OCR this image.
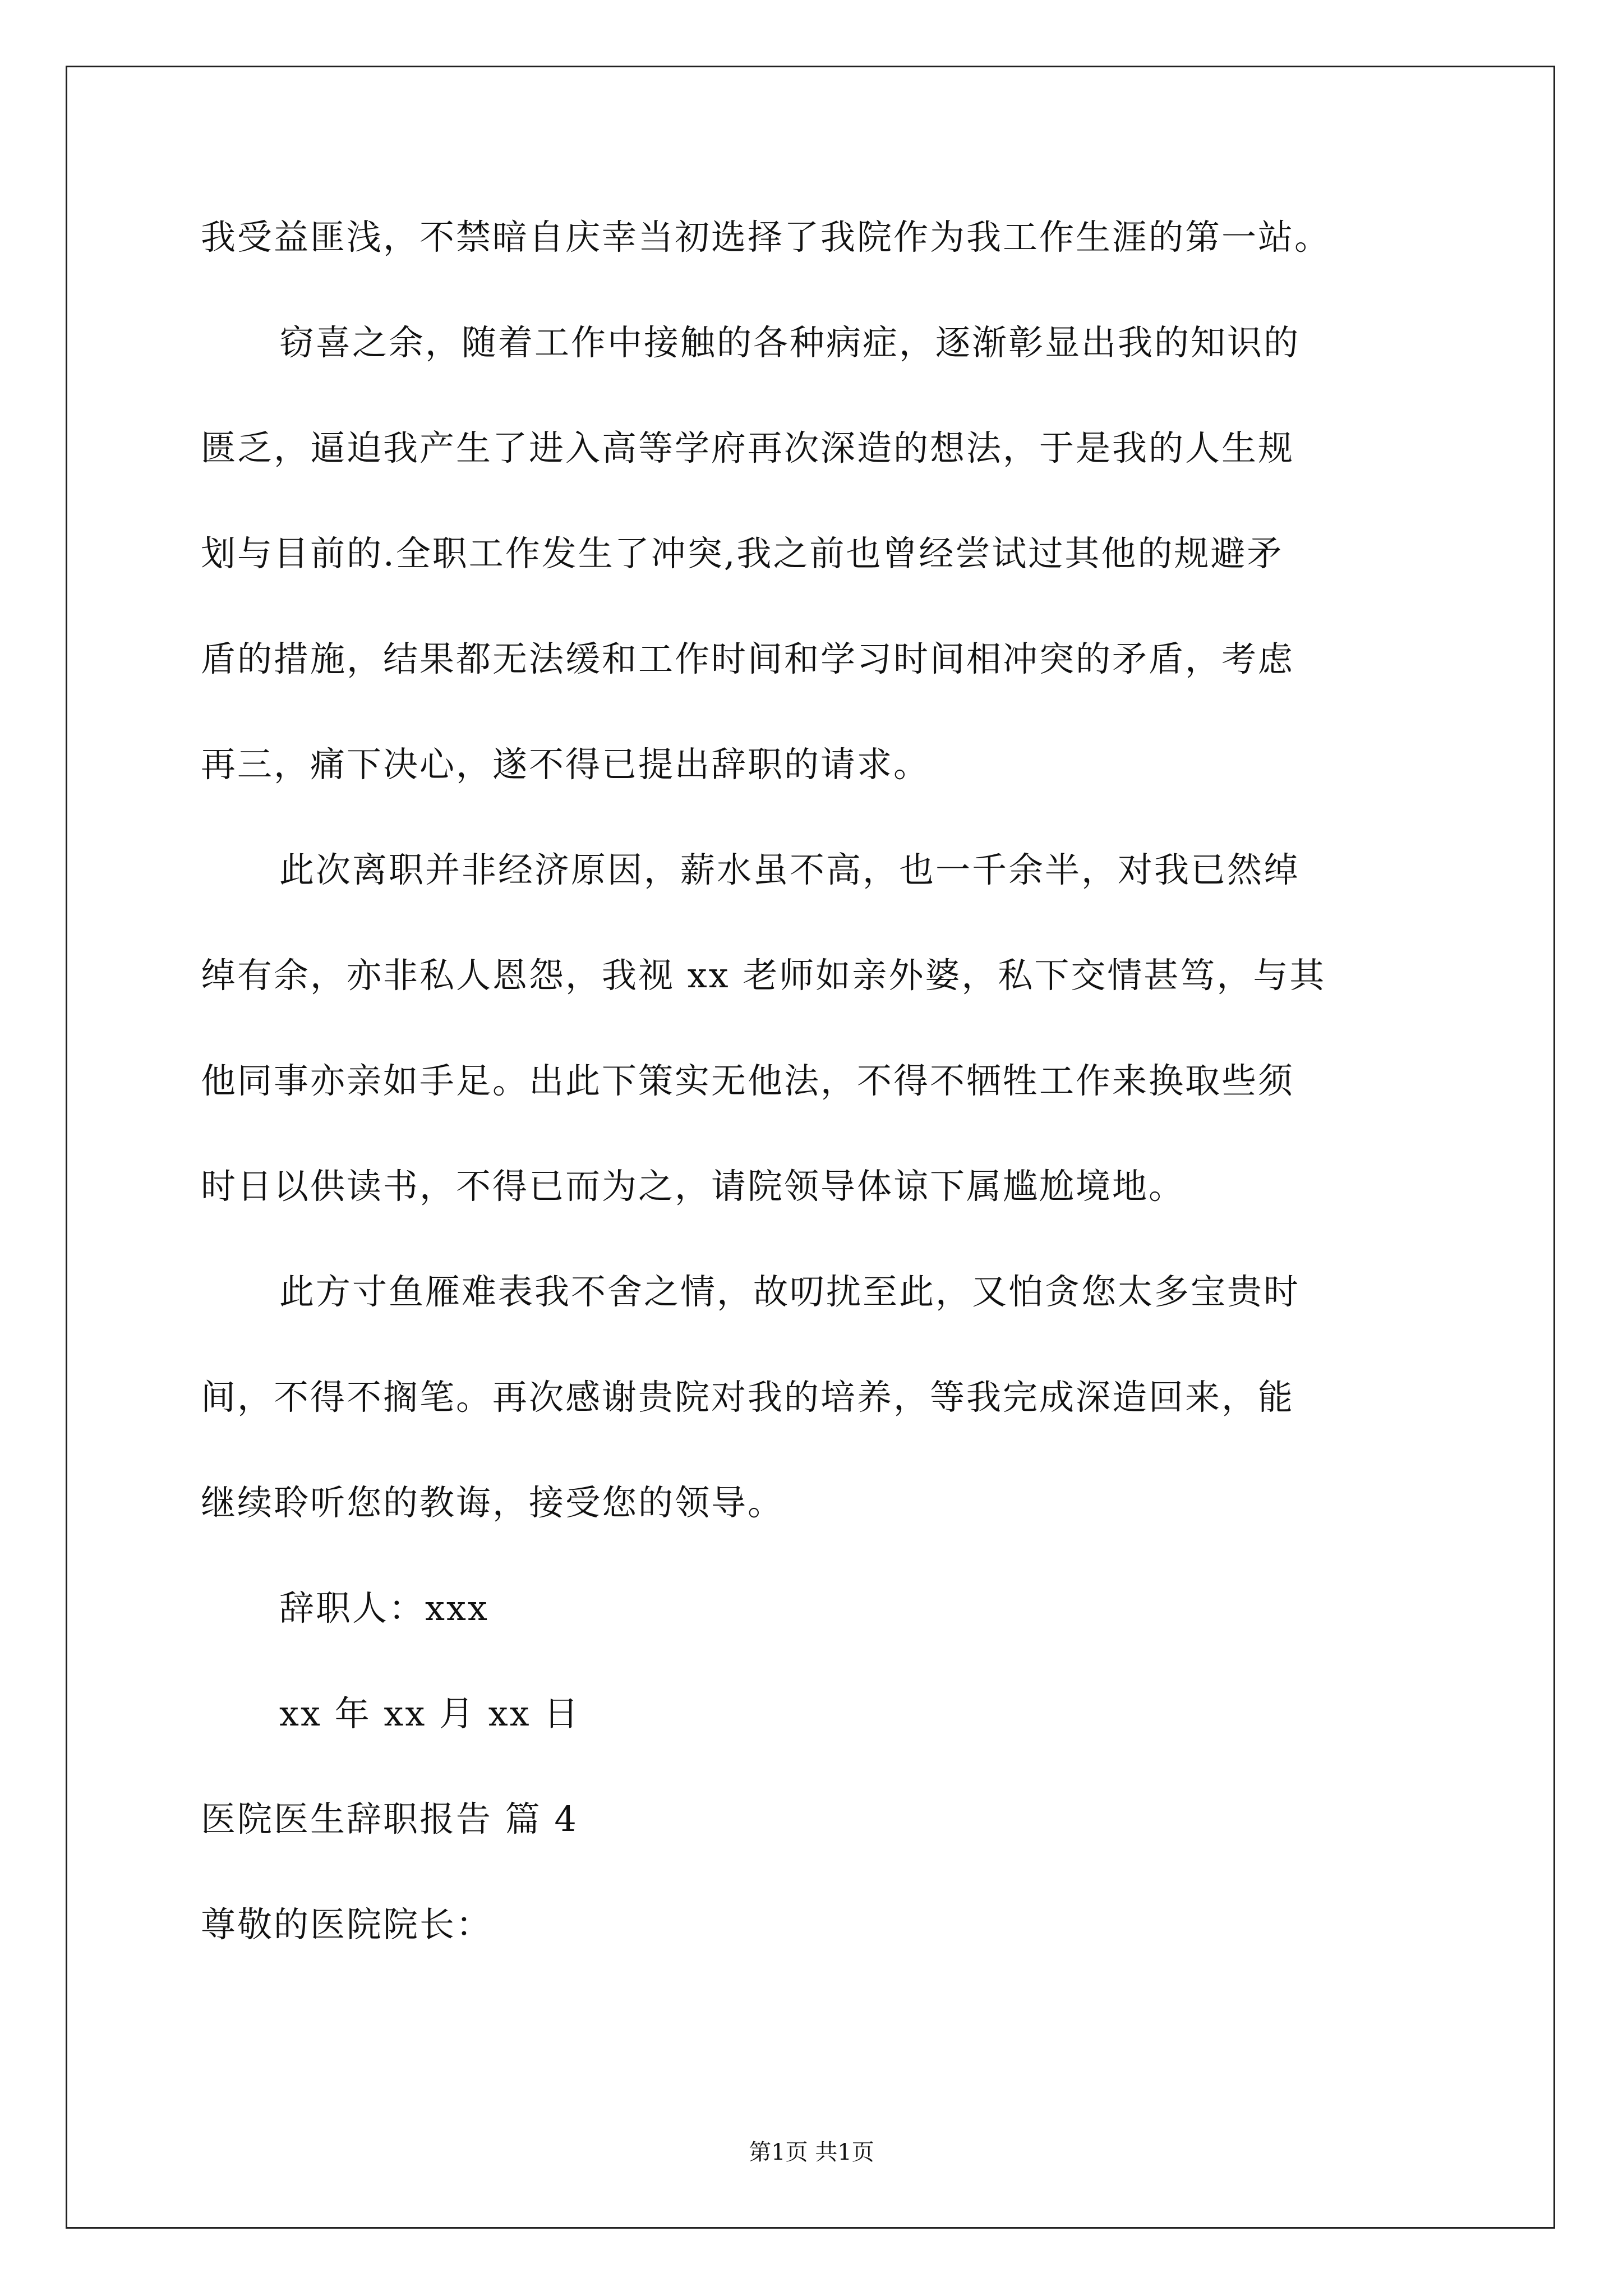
我受益匪浅，不禁暗自庆幸当初选择了我院作为我工作生涯的第一站。
窃喜之余，随着工作中接触的各种病症，逐渐彰显出我的知识的
匮乏，逼迫我产生了进入高等学府再次深造的想法，于是我的人生规
划与目前的.全职工作发生了冲突,我之前也曾经尝试过其他的规避矛
盾的措施，结果都无法缓和工作时间和学习时间相冲突的矛盾，考虑
再三，痛下决心，遂不得已提出辞职的请求。
此次离职并非经济原因，薪水虽不高，也一千余半，对我已然绰
绰有余，亦非私人恩怨，我视 xx 老师如亲外婆，私下交情甚笃，与其
他同事亦亲如手足。出此下策实无他法，不得不牺牲工作来换取些须
时日以供读书，不得已而为之，请院领导体谅下属尴尬境地。
此方寸鱼雁难表我不舍之情，故叨扰至此，又怕贪您太多宝贵时
间，不得不搁笔。再次感谢贵院对我的培养，等我完成深造回来，能
继续聆听您的教诲，接受您的领导。
辞职人：xxx
xx 年 xx 月 xx 日
医院医生辞职报告 篇 4
尊敬的医院院长：
第1页 共1页
